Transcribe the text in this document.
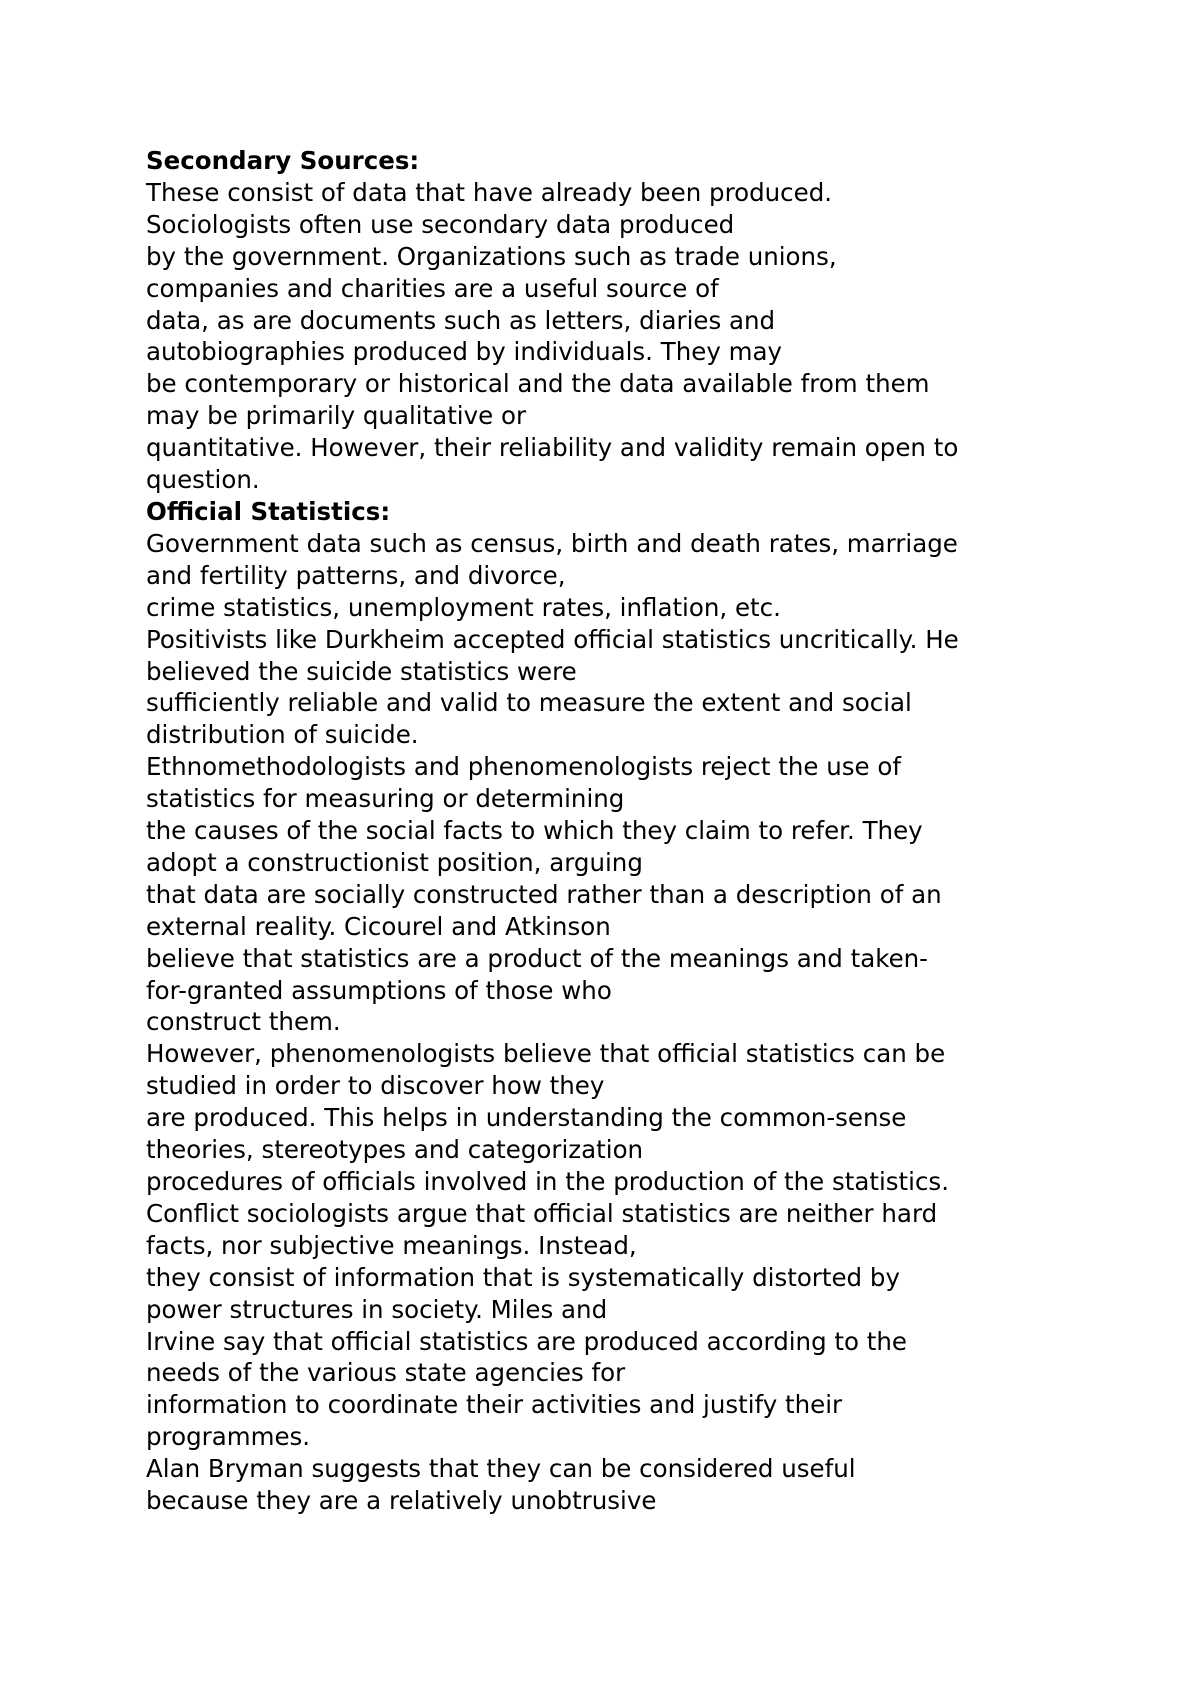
Secondary Sources:
These consist of data that have already been produced.
Sociologists often use secondary data produced
by the government. Organizations such as trade unions,
companies and charities are a useful source of
data, as are documents such as letters, diaries and
autobiographies produced by individuals. They may
be contemporary or historical and the data available from them
may be primarily qualitative or
quantitative. However, their reliability and validity remain open to
question.
Official Statistics:
Government data such as census, birth and death rates, marriage
and fertility patterns, and divorce,
crime statistics, unemployment rates, inflation, etc.
Positivists like Durkheim accepted official statistics uncritically. He
believed the suicide statistics were
sufficiently reliable and valid to measure the extent and social
distribution of suicide.
Ethnomethodologists and phenomenologists reject the use of
statistics for measuring or determining
the causes of the social facts to which they claim to refer. They
adopt a constructionist position, arguing
that data are socially constructed rather than a description of an
external reality. Cicourel and Atkinson
believe that statistics are a product of the meanings and taken-
for-granted assumptions of those who
construct them.
However, phenomenologists believe that official statistics can be
studied in order to discover how they
are produced. This helps in understanding the common-sense
theories, stereotypes and categorization
procedures of officials involved in the production of the statistics.
Conflict sociologists argue that official statistics are neither hard
facts, nor subjective meanings. Instead,
they consist of information that is systematically distorted by
power structures in society. Miles and
Irvine say that official statistics are produced according to the
needs of the various state agencies for
information to coordinate their activities and justify their
programmes.
Alan Bryman suggests that they can be considered useful
because they are a relatively unobtrusive
